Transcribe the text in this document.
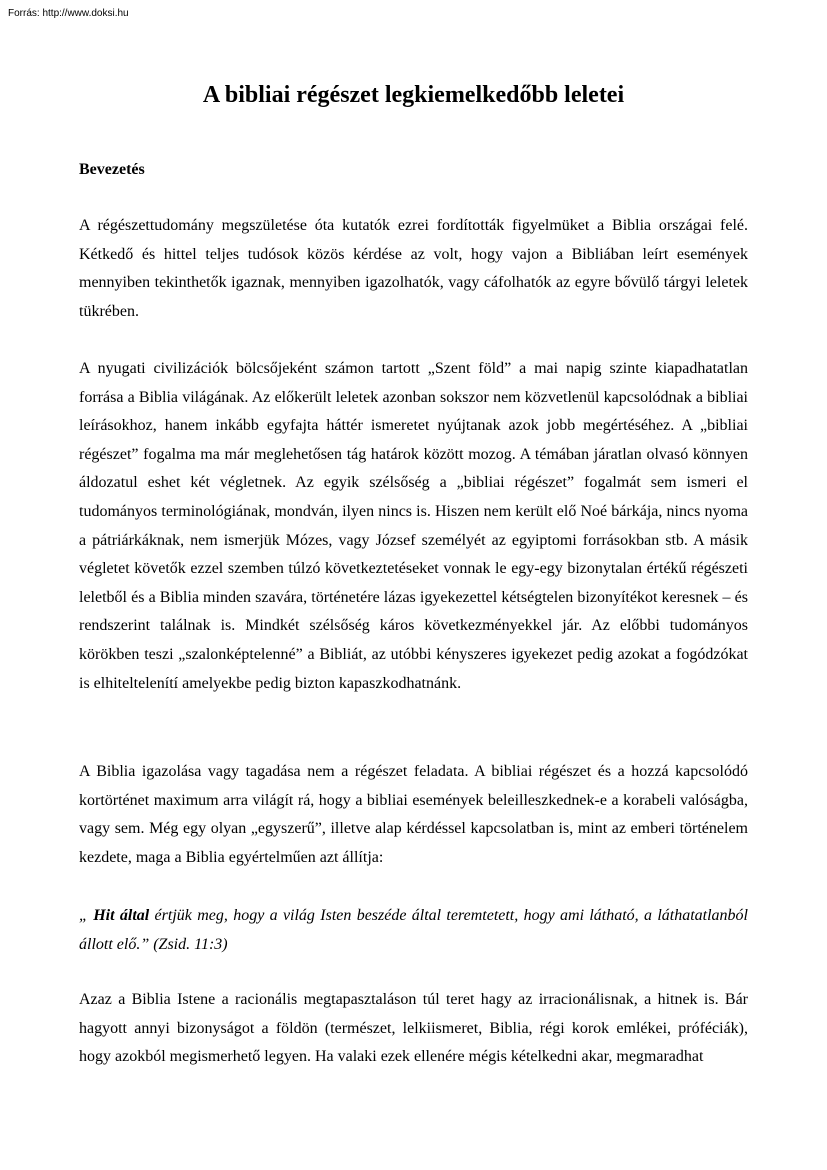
Forrás: http://www.doksi.hu
A bibliai régészet legkiemelkedőbb leletei
Bevezetés

A régészettudomány megszületése óta kutatók ezrei fordították figyelmüket a Biblia országai felé. Kétkedő és hittel teljes tudósok közös kérdése az volt, hogy vajon a Bibliában leírt események mennyiben tekinthetők igaznak, mennyiben igazolhatók, vagy cáfolhatók az egyre bővülő tárgyi leletek tükrében.

A nyugati civilizációk bölcsőjeként számon tartott „Szent föld” a mai napig szinte kiapadhatatlan forrása a Biblia világának. Az előkerült leletek azonban sokszor nem közvetlenül kapcsolódnak a bibliai leírásokhoz, hanem inkább egyfajta háttér ismeretet nyújtanak azok jobb megértéséhez. A „bibliai régészet” fogalma ma már meglehetősen tág határok között mozog. A témában járatlan olvasó könnyen áldozatul eshet két végletnek. Az egyik szélsőség a „bibliai régészet” fogalmát sem ismeri el tudományos terminológiának, mondván, ilyen nincs is. Hiszen nem került elő Noé bárkája, nincs nyoma a pátriárkáknak, nem ismerjük Mózes, vagy József személyét az egyiptomi forrásokban stb. A másik végletet követők ezzel szemben túlzó következtetéseket vonnak le egy-egy bizonytalan értékű régészeti leletből és a Biblia minden szavára, történetére lázas igyekezettel kétségtelen bizonyítékot keresnek – és rendszerint találnak is. Mindkét szélsőség káros következményekkel jár. Az előbbi tudományos körökben teszi „szalonképtelenné” a Bibliát, az utóbbi kényszeres igyekezet pedig azokat a fogódzókat is elhiteltelenítí amelyekbe pedig bizton kapaszkodhatnánk.

A Biblia igazolása vagy tagadása nem a régészet feladata. A bibliai régészet és a hozzá kapcsolódó kortörténet maximum arra világít rá, hogy a bibliai események beleilleszkednek-e a korabeli valóságba, vagy sem. Még egy olyan „egyszerű”, illetve alap kérdéssel kapcsolatban is, mint az emberi történelem kezdete, maga a Biblia egyértelműen azt állítja:

„ Hit által értjük meg, hogy a világ Isten beszéde által teremtetett, hogy ami látható, a láthatatlanból állott elő.” (Zsid. 11:3)

Azaz a Biblia Istene a racionális megtapasztaláson túl teret hagy az irracionálisnak, a hitnek is. Bár hagyott annyi bizonyságot a földön (természet, lelkiismeret, Biblia, régi korok emlékei, próféciák), hogy azokból megismerhető legyen. Ha valaki ezek ellenére mégis kételkedni akar, megmaradhat
